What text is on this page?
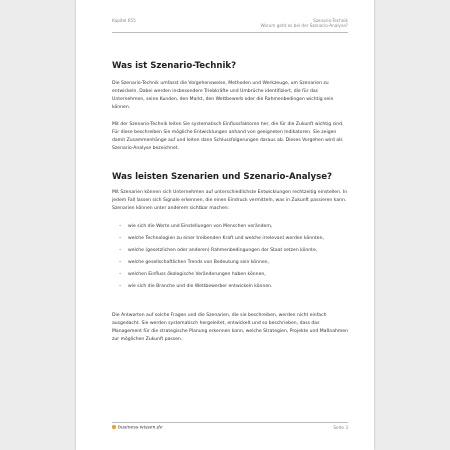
Kapitel 655	Szenario-Technik
Worum geht es bei der Szenario-Analyse?
Was ist Szenario-Technik?

Die Szenario-Technik umfasst die Vorgehensweise, Methoden und Werkzeuge, um Szenarien zu entwickeln. Dabei werden insbesondere Triebkräfte und Umbrüche identifiziert, die für das Unternehmen, seine Kunden, den Markt, den Wettbewerb oder die Rahmenbedingen wichtig sein können.

Mit der Szenario-Technik leiten Sie systematisch Einflussfaktoren her, die für die Zukunft wichtig sind. Für diese beschreiben Sie mögliche Entwicklungen anhand von geeigneten Indikatoren. Sie zeigen damit Zusammenhänge auf und leiten dann Schlussfolgerungen daraus ab. Dieses Vorgehen wird als Szenario-Analyse bezeichnet.

Was leisten Szenarien und Szenario-Analyse?

Mit Szenarien können sich Unternehmen auf unterschiedlichste Entwicklungen rechtzeitig einstellen. In jedem Fall lassen sich Signale erkennen, die einen Eindruck vermitteln, was in Zukunft passieren kann. Szenarien können unter anderem sichtbar machen:

– wie sich die Werte und Einstellungen von Menschen verändern,
– welche Technologien zu einer treibenden Kraft und welche irrelevant werden könnten,
– welche (gesetzlichen oder anderen) Rahmenbedingungen der Staat setzen könnte,
– welche gesellschaftlichen Trends von Bedeutung sein können,
– welchen Einfluss ökologische Veränderungen haben können,
– wie sich die Branche und die Wettbewerber entwickeln können.

Die Antworten auf solche Fragen und die Szenarien, die sie beschreiben, werden nicht einfach ausgedacht. Sie werden systematisch hergeleitet, entwickelt und so beschrieben, dass das Management für die strategische Planung erkennen kann, welche Strategien, Projekte und Maßnahmen zur möglichen Zukunft passen.

business-wissen.de	Seite 3
